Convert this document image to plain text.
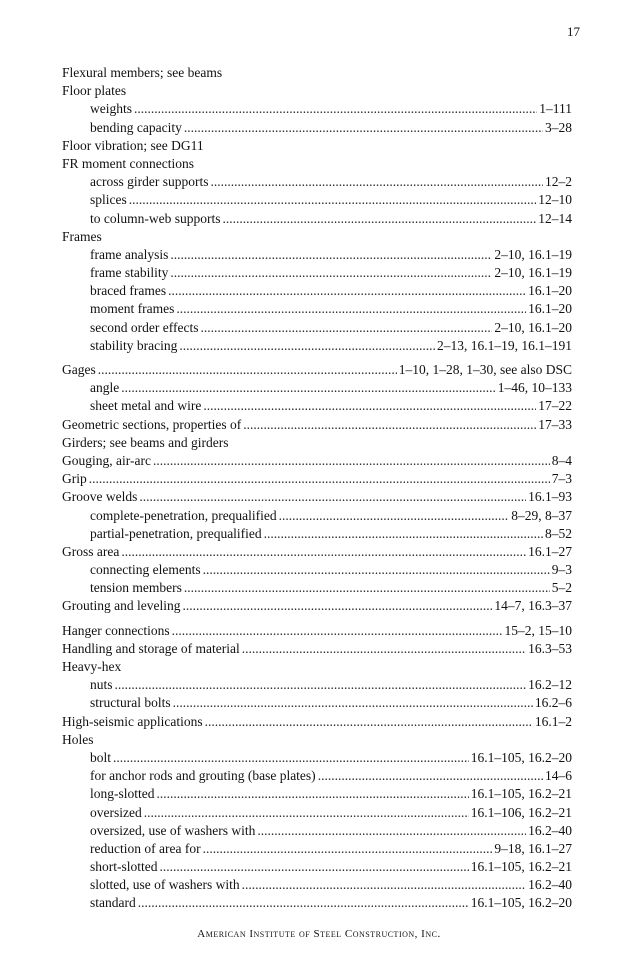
17
Flexural members; see beams
Floor plates
weights .....	1–111
bending capacity .....	3–28
Floor vibration; see DG11
FR moment connections
across girder supports .....	12–2
splices .....	12–10
to column-web supports .....	12–14
Frames
frame analysis .....	2–10, 16.1–19
frame stability .....	2–10, 16.1–19
braced frames .....	16.1–20
moment frames .....	16.1–20
second order effects .....	2–10, 16.1–20
stability bracing .....	2–13, 16.1–19, 16.1–191
Gages .....	1–10, 1–28, 1–30, see also DSC
angle .....	1–46, 10–133
sheet metal and wire .....	17–22
Geometric sections, properties of .....	17–33
Girders; see beams and girders
Gouging, air-arc .....	8–4
Grip .....	7–3
Groove welds .....	16.1–93
complete-penetration, prequalified .....	8–29, 8–37
partial-penetration, prequalified .....	8–52
Gross area .....	16.1–27
connecting elements .....	9–3
tension members .....	5–2
Grouting and leveling .....	14–7, 16.3–37
Hanger connections .....	15–2, 15–10
Handling and storage of material .....	16.3–53
Heavy-hex
nuts .....	16.2–12
structural bolts .....	16.2–6
High-seismic applications .....	16.1–2
Holes
bolt .....	16.1–105, 16.2–20
for anchor rods and grouting (base plates) .....	14–6
long-slotted .....	16.1–105, 16.2–21
oversized .....	16.1–106, 16.2–21
oversized, use of washers with .....	16.2–40
reduction of area for .....	9–18, 16.1–27
short-slotted .....	16.1–105, 16.2–21
slotted, use of washers with .....	16.2–40
standard .....	16.1–105, 16.2–20
American Institute of Steel Construction, Inc.
